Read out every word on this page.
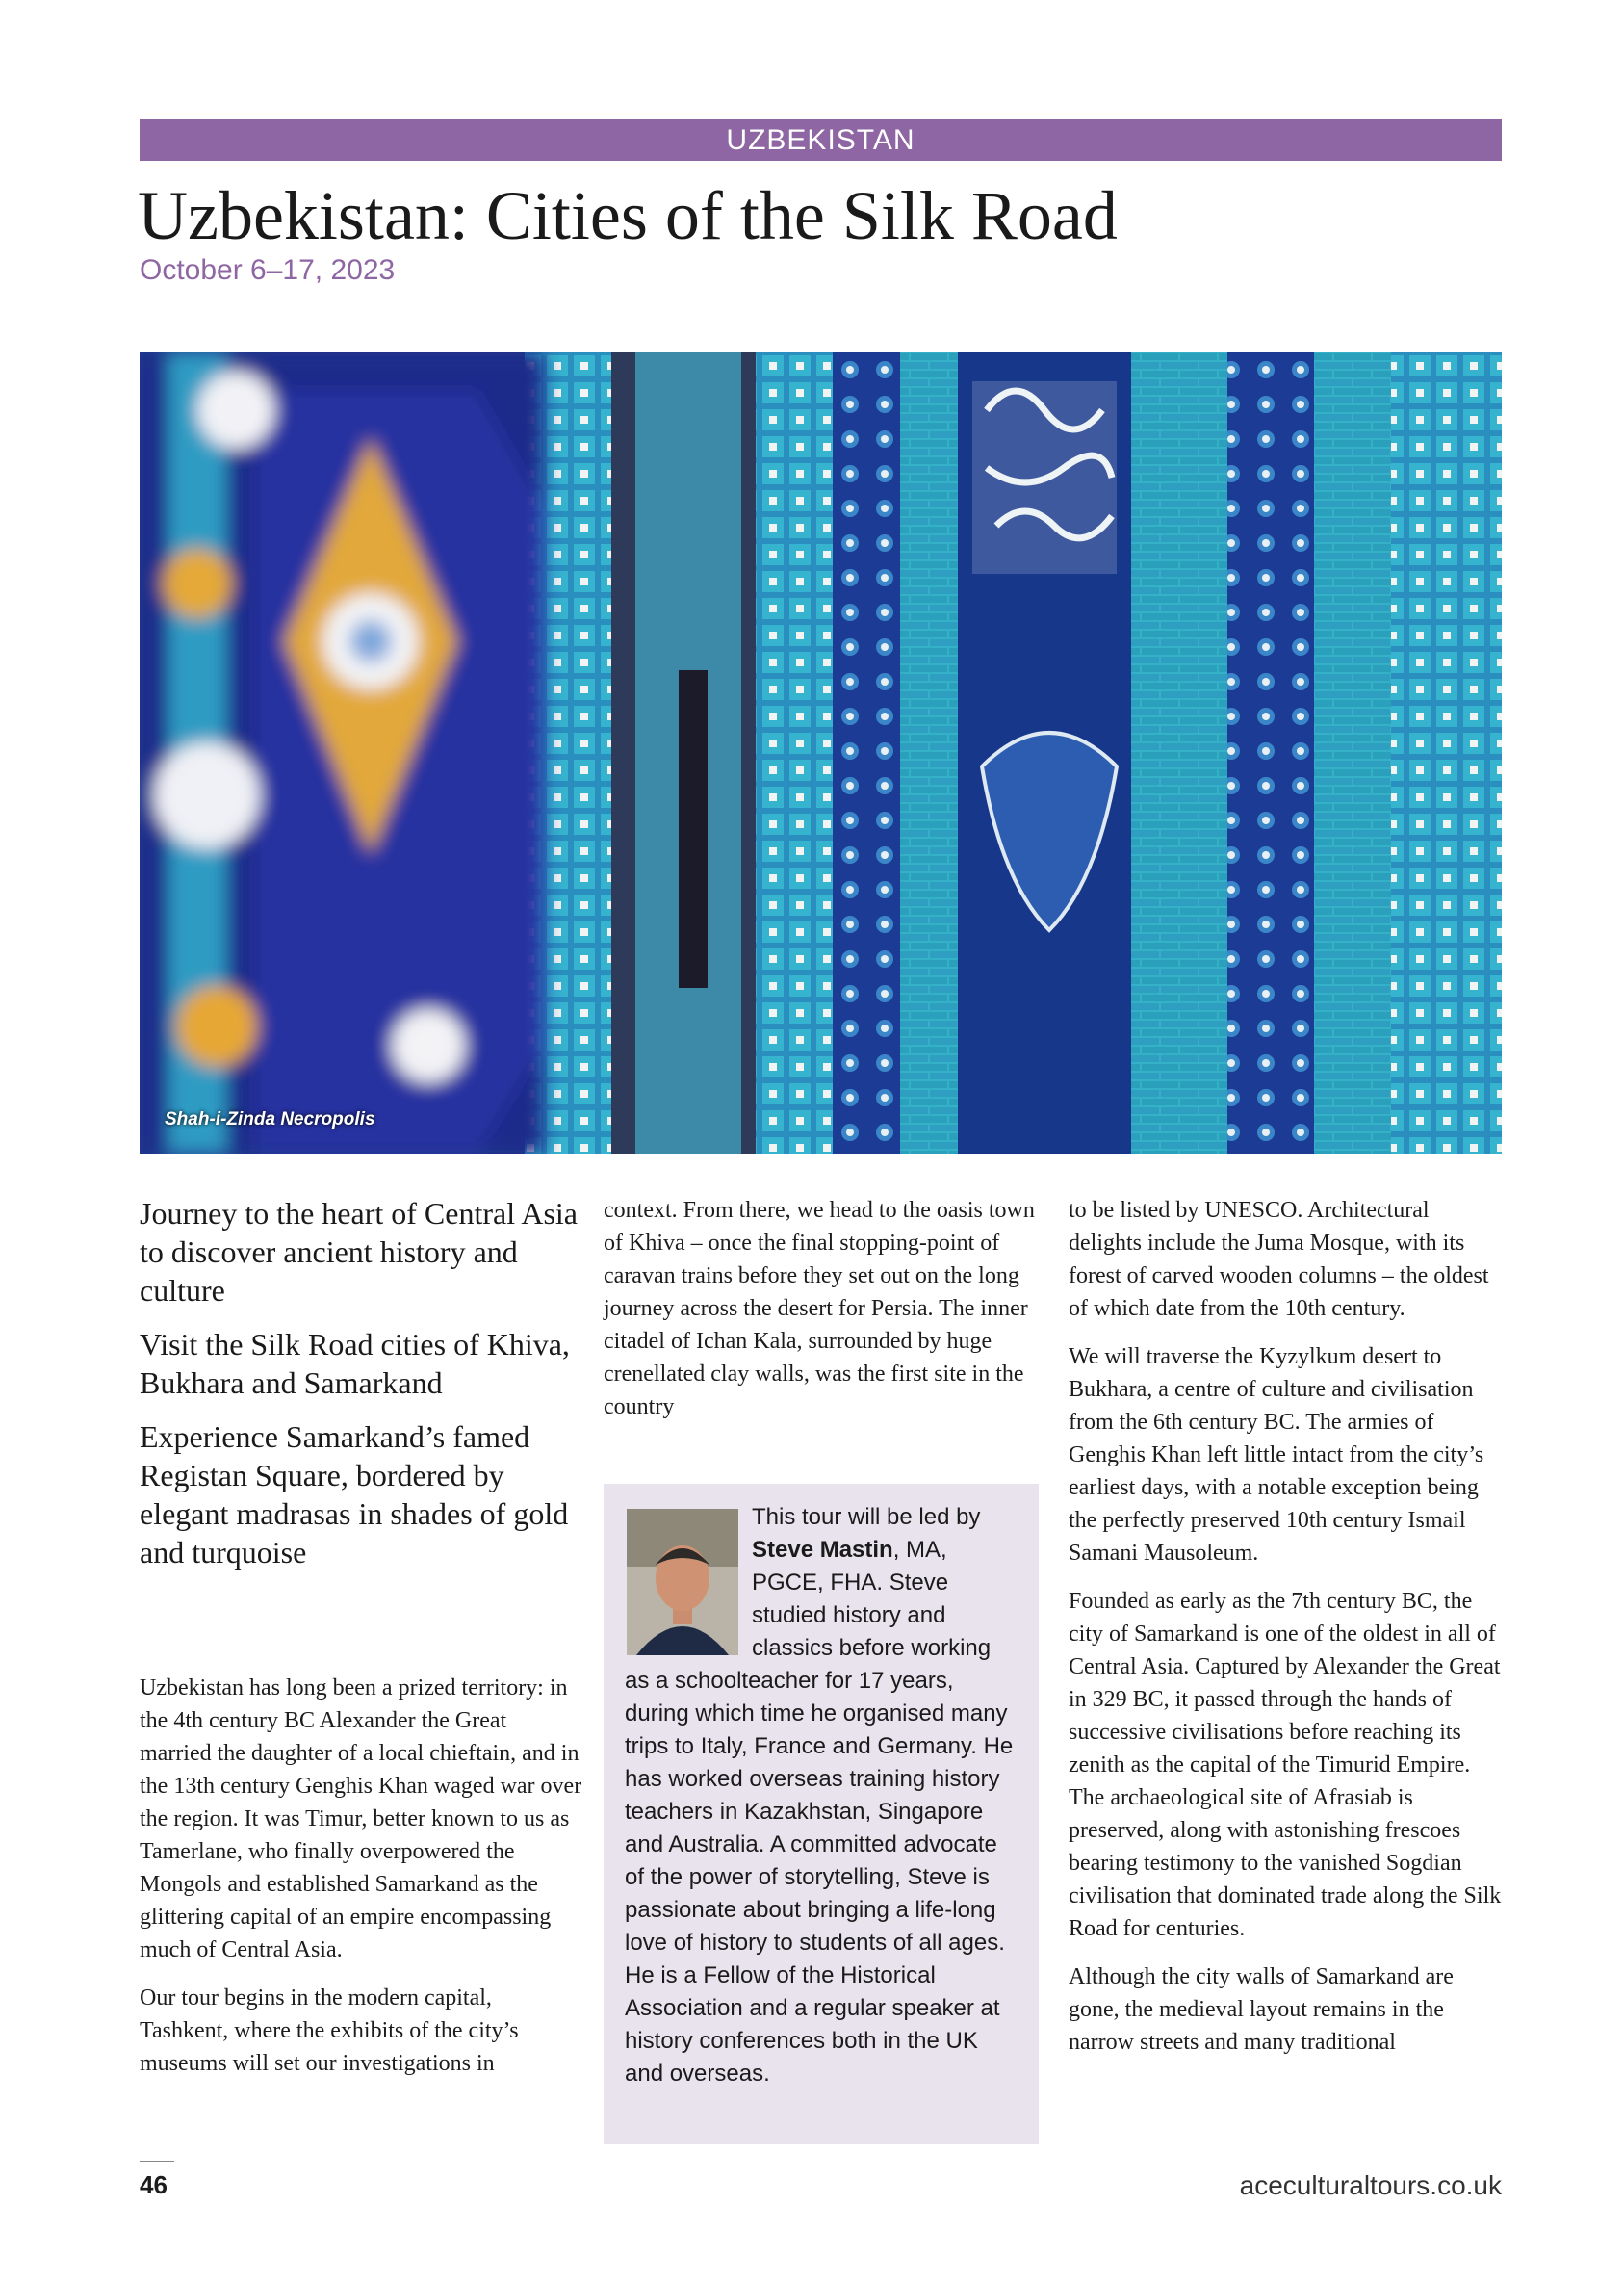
UZBEKISTAN
Uzbekistan: Cities of the Silk Road
October 6–17, 2023
Shah-i-Zinda Necropolis

Journey to the heart of Central Asia to discover ancient history and culture

Visit the Silk Road cities of Khiva, Bukhara and Samarkand

Experience Samarkand’s famed Registan Square, bordered by elegant madrasas in shades of gold and turquoise

Uzbekistan has long been a prized territory: in the 4th century BC Alexander the Great married the daughter of a local chieftain, and in the 13th century Genghis Khan waged war over the region. It was Timur, better known to us as Tamerlane, who finally overpowered the Mongols and established Samarkand as the glittering capital of an empire encompassing much of Central Asia.

Our tour begins in the modern capital, Tashkent, where the exhibits of the city’s museums will set our investigations in

context. From there, we head to the oasis town of Khiva – once the final stopping-point of caravan trains before they set out on the long journey across the desert for Persia. The inner citadel of Ichan Kala, surrounded by huge crenellated clay walls, was the first site in the country

This tour will be led by Steve Mastin, MA, PGCE, FHA. Steve studied history and classics before working as a schoolteacher for 17 years, during which time he organised many trips to Italy, France and Germany. He has worked overseas training history teachers in Kazakhstan, Singapore and Australia. A committed advocate of the power of storytelling, Steve is passionate about bringing a life-long love of history to students of all ages. He is a Fellow of the Historical Association and a regular speaker at history conferences both in the UK and overseas.

to be listed by UNESCO. Architectural delights include the Juma Mosque, with its forest of carved wooden columns – the oldest of which date from the 10th century.

We will traverse the Kyzylkum desert to Bukhara, a centre of culture and civilisation from the 6th century BC. The armies of Genghis Khan left little intact from the city’s earliest days, with a notable exception being the perfectly preserved 10th century Ismail Samani Mausoleum.

Founded as early as the 7th century BC, the city of Samarkand is one of the oldest in all of Central Asia. Captured by Alexander the Great in 329 BC, it passed through the hands of successive civilisations before reaching its zenith as the capital of the Timurid Empire. The archaeological site of Afrasiab is preserved, along with astonishing frescoes bearing testimony to the vanished Sogdian civilisation that dominated trade along the Silk Road for centuries.

Although the city walls of Samarkand are gone, the medieval layout remains in the narrow streets and many traditional

46	aceculturaltours.co.uk
